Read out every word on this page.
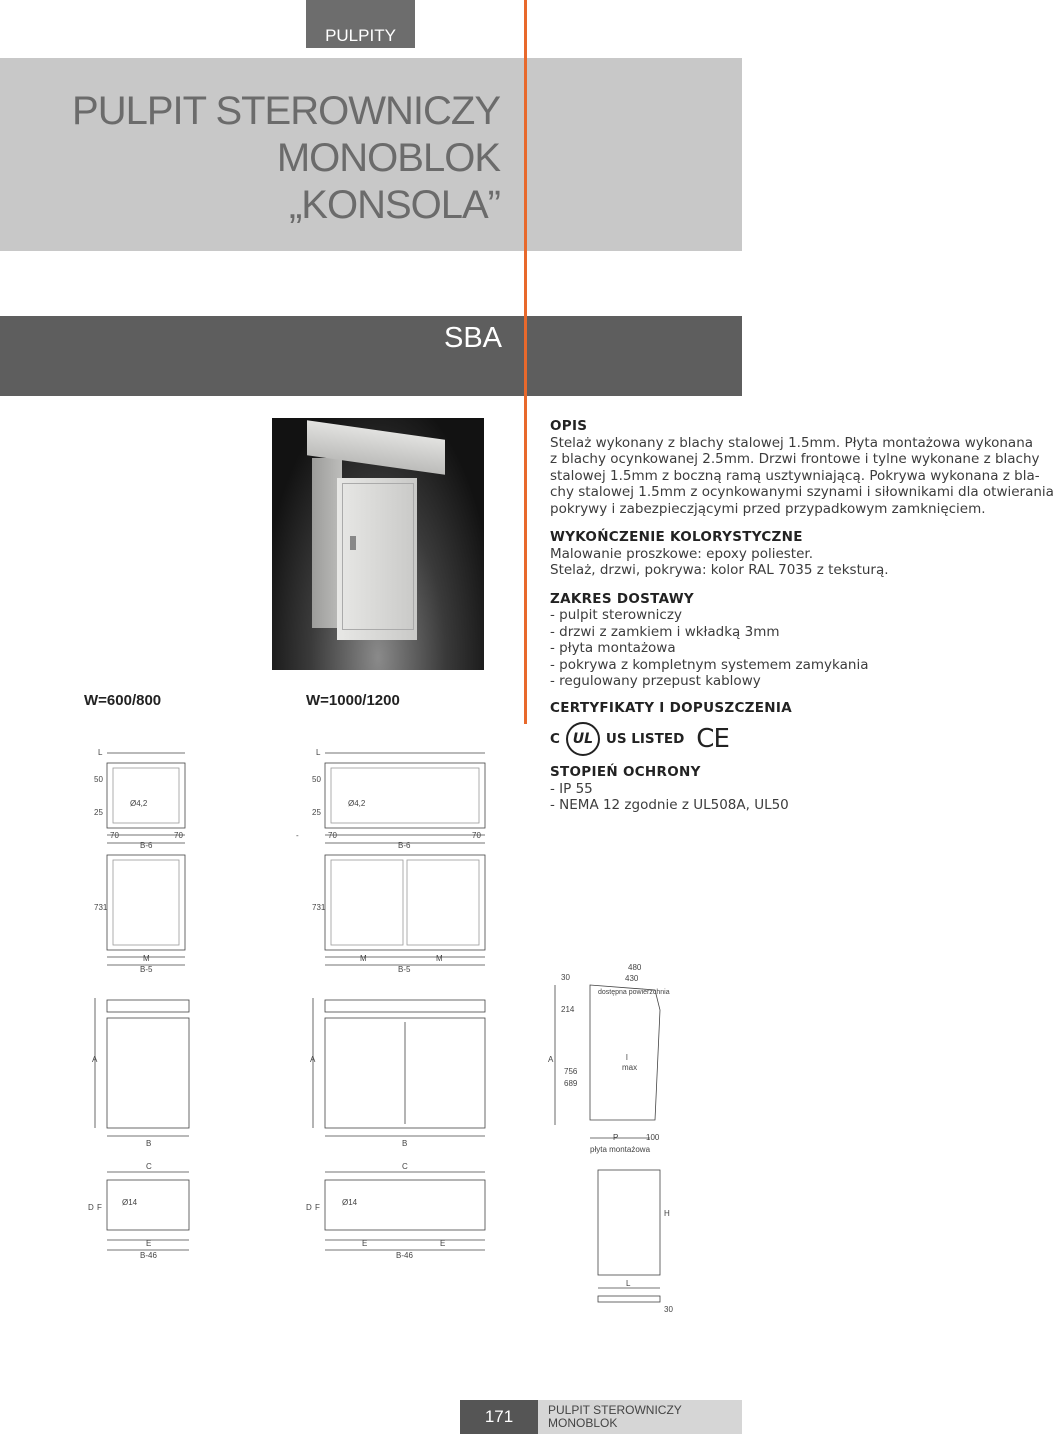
PULPITY
PULPIT STEROWNICZY
MONOBLOK
„KONSOLA”
SBA
W=600/800	W=1000/1200
OPIS
Stelaż wykonany z blachy stalowej 1.5mm. Płyta montażowa wykonana
z blachy ocynkowanej 2.5mm. Drzwi frontowe i tylne wykonane z blachy
stalowej 1.5mm z boczną ramą usztywniającą. Pokrywa wykonana z bla-
chy stalowej 1.5mm z ocynkowanymi szynami i siłownikami dla otwierania
pokrywy i zabezpieczjącymi przed przypadkowym zamknięciem.
WYKOŃCZENIE KOLORYSTYCZNE
Malowanie proszkowe: epoxy poliester.
Stelaż, drzwi, pokrywa: kolor RAL 7035 z teksturą.
ZAKRES DOSTAWY
- pulpit sterowniczy
- drzwi z zamkiem i wkładką 3mm
- płyta montażowa
- pokrywa z kompletnym systemem zamykania
- regulowany przepust kablowy
CERTYFIKATY I DOPUSZCZENIA
C UL US LISTED CE
STOPIEŃ OCHRONY
- IP 55
- NEMA 12 zgodnie z UL508A, UL50
L	L
50
25
50
25
Ø4,2	Ø4,2
70	70	70	70
-
B-6	B-6
731	731
M	M	M
B-5	B-5
A	A
B	B
C	C
D F	D F
Ø14	Ø14
E	E	E
B-46	B-46
480
430
dostępna powierzchnia
30
214
A
756
689
l
max
P	100
płyta montażowa
H
L
30
171	PULPIT STEROWNICZY
MONOBLOK
